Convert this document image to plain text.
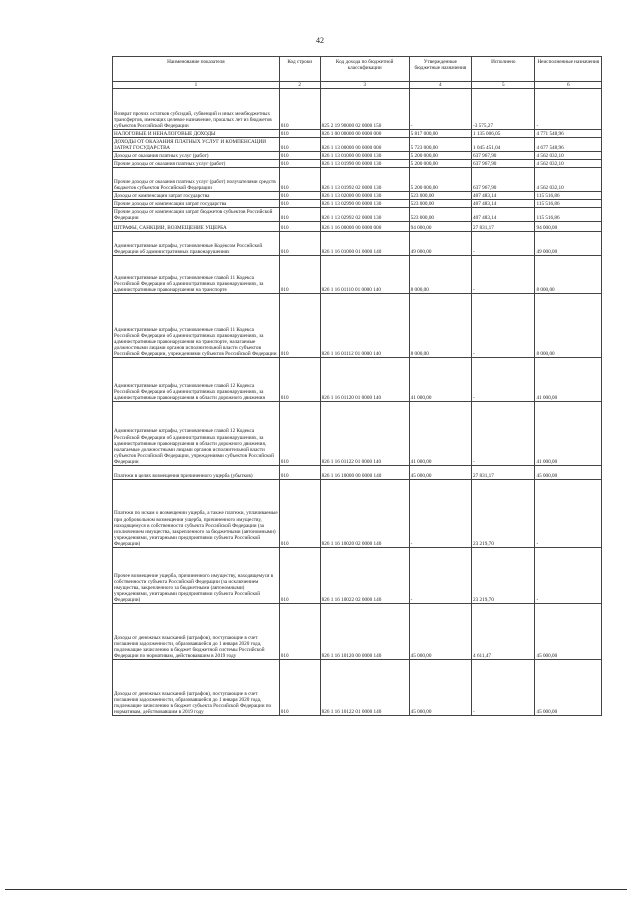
42
Наименование показателя	Код строки	Код дохода по бюджетной классификации	Утвержденные бюджетные назначения	Исполнено	Неисполненные назначения
1	2	3	4	5	6
Возврат прочих остатков субсидий, субвенций и иных межбюджетных трансфертов, имеющих целевое назначение, прошлых лет из бюджетов субъектов Российской Федерации	010	825 2 19 90000 02 0000 150	-	-3 575,27	-
НАЛОГОВЫЕ И НЕНАЛОГОВЫЕ ДОХОДЫ	010	826 1 00 00000 00 0000 000	5 817 000,00	1 135 006,05	4 771 548,96
ДОХОДЫ ОТ ОКАЗАНИЯ ПЛАТНЫХ УСЛУГ И КОМПЕНСАЦИИ ЗАТРАТ ГОСУДАРСТВА	010	826 1 13 00000 00 0000 000	5 723 000,00	1 045 451,04	4 677 548,96
Доходы от оказания платных услуг (работ)	010	826 1 13 01000 00 0000 130	5 200 000,00	637 967,90	4 562 032,10
Прочие доходы от оказания платных услуг (работ)	010	826 1 13 01990 00 0000 130	5 200 000,00	637 967,90	4 562 032,10
Прочие доходы от оказания платных услуг (работ) получателями средств бюджетов субъектов Российской Федерации	010	826 1 13 01992 02 0000 130	5 200 000,00	637 967,90	4 562 032,10
Доходы от компенсации затрат государства	010	826 1 13 02000 00 0000 130	523 000,00	407 483,14	115 516,86
Прочие доходы от компенсации затрат государства	010	826 1 13 02990 00 0000 130	523 000,00	407 483,14	115 516,86
Прочие доходы от компенсации затрат бюджетов субъектов Российской Федерации	010	826 1 13 02992 02 0000 130	523 000,00	407 483,14	115 516,86
ШТРАФЫ, САНКЦИИ, ВОЗМЕЩЕНИЕ УЩЕРБА	010	826 1 16 00000 00 0000 000	94 000,00	27 831,17	94 000,00
Административные штрафы, установленные Кодексом Российской Федерации об административных правонарушениях	010	826 1 16 01000 01 0000 140	49 000,00	-	49 000,00
Административные штрафы, установленные главой 11 Кодекса Российской Федерации об административных правонарушениях, за административные правонарушения на транспорте	010	826 1 16 01110 01 0000 140	8 000,00	-	8 000,00
Административные штрафы, установленные главой 11 Кодекса Российской Федерации об административных правонарушениях, за административные правонарушения на транспорте, налагаемые должностными лицами органов исполнительной власти субъектов Российской Федерации, учреждениями субъектов Российской Федерации	010	826 1 16 01112 01 0000 140	8 000,00	-	8 000,00
Административные штрафы, установленные главой 12 Кодекса Российской Федерации об административных правонарушениях, за административные правонарушения в области дорожного движения	010	826 1 16 01120 01 0000 140	41 000,00	-	41 000,00
Административные штрафы, установленные главой 12 Кодекса Российской Федерации об административных правонарушениях, за административные правонарушения в области дорожного движения, налагаемые должностными лицами органов исполнительной власти субъектов Российской Федерации, учреждениями субъектов Российской Федерации	010	826 1 16 01122 01 0000 140	41 000,00	-	41 000,00
Платежи в целях возмещения причиненного ущерба (убытков)	010	826 1 16 10000 00 0000 140	45 000,00	27 831,17	45 000,00
Платежи по искам о возмещении ущерба, а также платежи, уплачиваемые при добровольном возмещении ущерба, причиненного имуществу, находящемуся в собственности субъекта Российской Федерации (за исключением имущества, закрепленного за бюджетными (автономными) учреждениями, унитарными предприятиями субъекта Российской Федерации)	010	826 1 16 10020 02 0000 140	-	23 219,70	-
Прочее возмещение ущерба, причиненного имуществу, находящемуся в собственности субъекта Российской Федерации (за исключением имущества, закрепленного за бюджетными (автономными) учреждениями, унитарными предприятиями субъекта Российской Федерации)	010	826 1 16 10022 02 0000 140	-	23 219,70	-
Доходы от денежных взысканий (штрафов), поступающие в счет погашения задолженности, образовавшейся до 1 января 2020 года, подлежащие зачислению в бюджет бюджетной системы Российской Федерации по нормативам, действовавшим в 2019 году	010	826 1 16 10120 00 0000 140	45 000,00	4 611,47	45 000,00
Доходы от денежных взысканий (штрафов), поступающие в счет погашения задолженности, образовавшейся до 1 января 2020 года, подлежащие зачислению в бюджет субъекта Российской Федерации по нормативам, действовавшим в 2019 году	010	826 1 16 10122 01 0000 140	45 000,00	-	45 000,00
